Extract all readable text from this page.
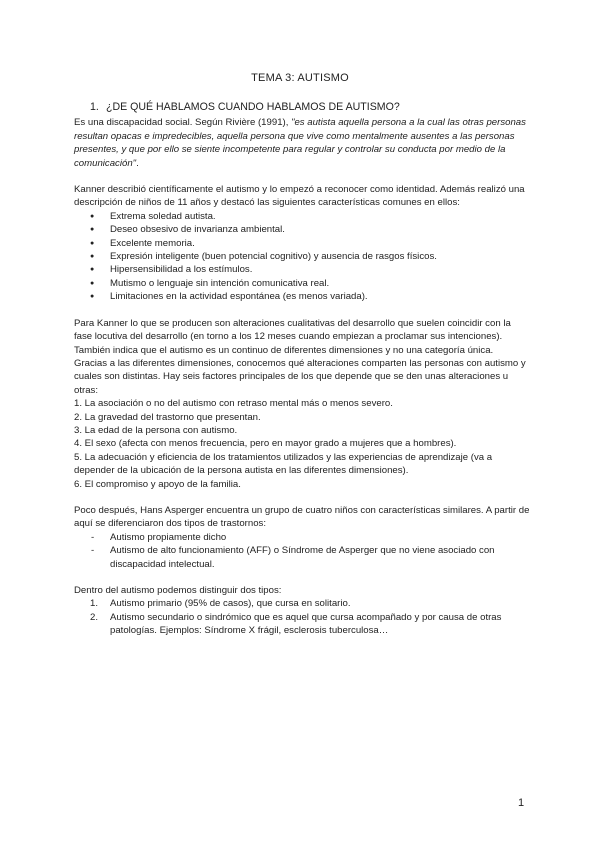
TEMA 3: AUTISMO
1. ¿DE QUÉ HABLAMOS CUANDO HABLAMOS DE AUTISMO?

Es una discapacidad social. Según Rivière (1991), "es autista aquella persona a la cual las otras personas resultan opacas e impredecibles, aquella persona que vive como mentalmente ausentes a las personas presentes, y que por ello se siente incompetente para regular y controlar su conducta por medio de la comunicación".

Kanner describió científicamente el autismo y lo empezó a reconocer como identidad. Además realizó una descripción de niños de 11 años y destacó las siguientes características comunes en ellos:

● Extrema soledad autista.
● Deseo obsesivo de invarianza ambiental.
● Excelente memoria.
● Expresión inteligente (buen potencial cognitivo) y ausencia de rasgos físicos.
● Hipersensibilidad a los estímulos.
● Mutismo o lenguaje sin intención comunicativa real.
● Limitaciones en la actividad espontánea (es menos variada).

Para Kanner lo que se producen son alteraciones cualitativas del desarrollo que suelen coincidir con la fase locutiva del desarrollo (en torno a los 12 meses cuando empiezan a proclamar sus intenciones). También indica que el autismo es un continuo de diferentes dimensiones y no una categoría única.

Gracias a las diferentes dimensiones, conocemos qué alteraciones comparten las personas con autismo y cuales son distintas. Hay seis factores principales de los que depende que se den unas alteraciones u otras:

1. La asociación o no del autismo con retraso mental más o menos severo.

2. La gravedad del trastorno que presentan.

3. La edad de la persona con autismo.

4. El sexo (afecta con menos frecuencia, pero en mayor grado a mujeres que a hombres).

5. La adecuación y eficiencia de los tratamientos utilizados y las experiencias de aprendizaje (va a depender de la ubicación de la persona autista en las diferentes dimensiones).

6. El compromiso y apoyo de la familia.

Poco después, Hans Asperger encuentra un grupo de cuatro niños con características similares. A partir de aquí se diferenciaron dos tipos de trastornos:

- Autismo propiamente dicho
- Autismo de alto funcionamiento (AFF) o Síndrome de Asperger que no viene asociado con discapacidad intelectual.

Dentro del autismo podemos distinguir dos tipos:

1. Autismo primario (95% de casos), que cursa en solitario.
2. Autismo secundario o sindrómico que es aquel que cursa acompañado y por causa de otras patologías. Ejemplos: Síndrome X frágil, esclerosis tuberculosa…
1
